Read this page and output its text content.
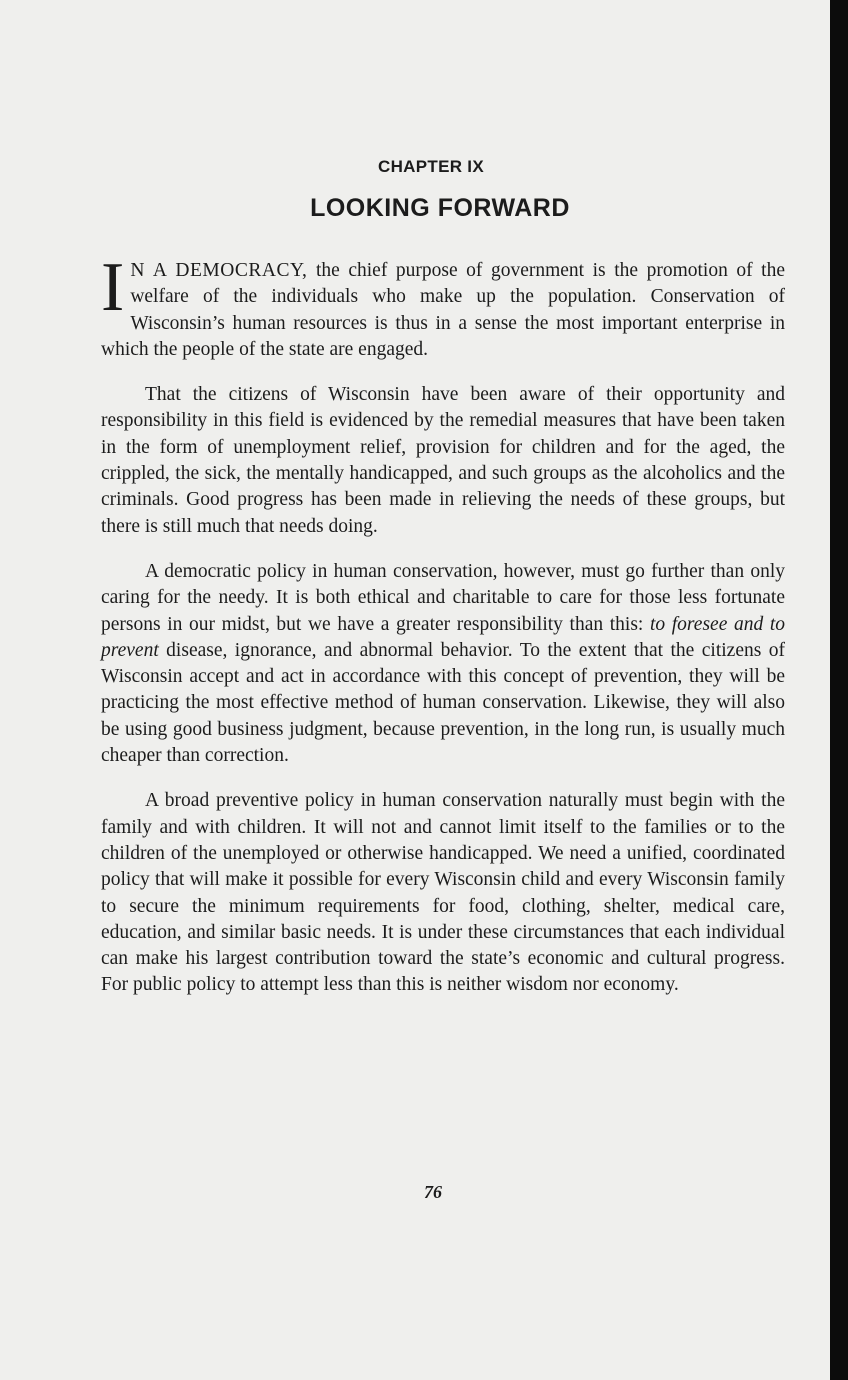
CHAPTER IX
LOOKING FORWARD

I N A DEMOCRACY, the chief purpose of government is the promotion of the welfare of the individuals who make up the population. Conservation of Wisconsin’s human resources is thus in a sense the most important enterprise in which the people of the state are engaged.

That the citizens of Wisconsin have been aware of their opportunity and responsibility in this field is evidenced by the remedial measures that have been taken in the form of unemployment relief, provision for children and for the aged, the crippled, the sick, the mentally handicapped, and such groups as the alcoholics and the criminals. Good progress has been made in relieving the needs of these groups, but there is still much that needs doing.

A democratic policy in human conservation, however, must go further than only caring for the needy. It is both ethical and charitable to care for those less fortunate persons in our midst, but we have a greater responsibility than this: to foresee and to prevent disease, ignorance, and abnormal behavior. To the extent that the citizens of Wisconsin accept and act in accordance with this concept of prevention, they will be practicing the most effective method of human conservation. Likewise, they will also be using good business judgment, because prevention, in the long run, is usually much cheaper than correction.

A broad preventive policy in human conservation naturally must begin with the family and with children. It will not and cannot limit itself to the families or to the children of the unemployed or otherwise handicapped. We need a unified, coordinated policy that will make it possible for every Wisconsin child and every Wisconsin family to secure the minimum requirements for food, clothing, shelter, medical care, education, and similar basic needs. It is under these circumstances that each individual can make his largest contribution toward the state’s economic and cultural progress. For public policy to attempt less than this is neither wisdom nor economy.

76
